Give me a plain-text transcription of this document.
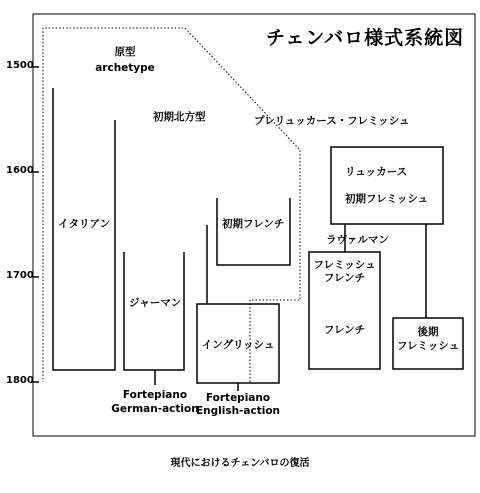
チェンバロ様式系統図
1500
1600
1700
1800
原型
archetype
初期北方型
イタリアン
ジャーマン
初期フレンチ
イングリッシュ
プレリュッカース・フレミッシュ
リュッカース
初期フレミッシュ
ラヴァルマン
フレミッシュ
フレンチ
フレンチ	後期
フレミッシュ
Fortepiano
German-action
Fortepiano
English-action
現代におけるチェンバロの復活
